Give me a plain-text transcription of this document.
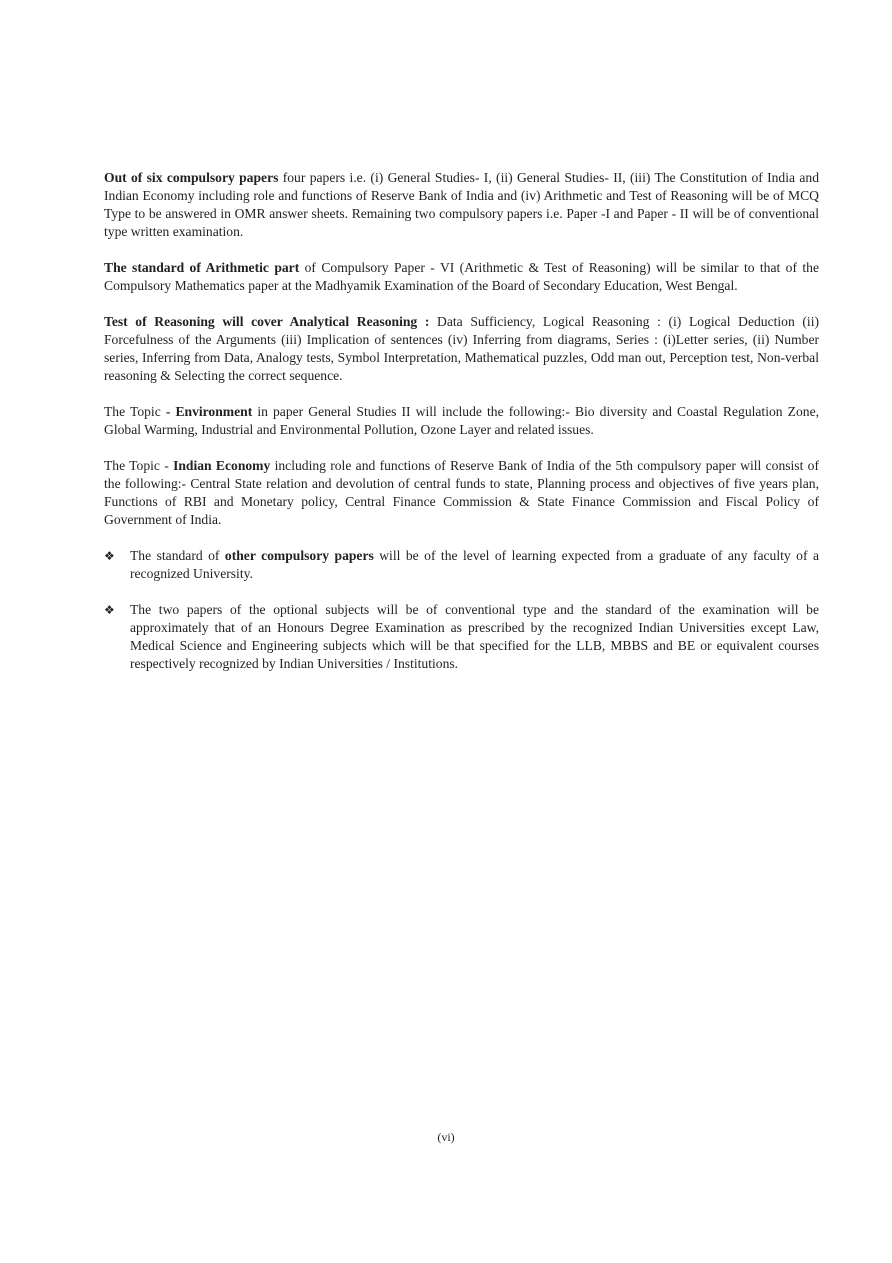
Out of six compulsory papers four papers i.e. (i) General Studies- I, (ii) General Studies- II, (iii) The Constitution of India and Indian Economy including role and functions of Reserve Bank of India and (iv) Arithmetic and Test of Reasoning will be of MCQ Type to be answered in OMR answer sheets. Remaining two compulsory papers i.e. Paper -I and Paper - II will be of conventional type written examination.

The standard of Arithmetic part of Compulsory Paper - VI (Arithmetic & Test of Reasoning) will be similar to that of the Compulsory Mathematics paper at the Madhyamik Examination of the Board of Secondary Education, West Bengal.

Test of Reasoning will cover Analytical Reasoning : Data Sufficiency, Logical Reasoning : (i) Logical Deduction (ii) Forcefulness of the Arguments (iii) Implication of sentences (iv) Inferring from diagrams, Series : (i)Letter series, (ii) Number series, Inferring from Data, Analogy tests, Symbol Interpretation, Mathematical puzzles, Odd man out, Perception test, Non-verbal reasoning & Selecting the correct sequence.

The Topic - Environment in paper General Studies II will include the following:- Bio diversity and Coastal Regulation Zone, Global Warming, Industrial and Environmental Pollution, Ozone Layer and related issues.

The Topic - Indian Economy including role and functions of Reserve Bank of India of the 5th compulsory paper will consist of the following:- Central State relation and devolution of central funds to state, Planning process and objectives of five years plan, Functions of RBI and Monetary policy, Central Finance Commission & State Finance Commission and Fiscal Policy of Government of India.

❖ The standard of other compulsory papers will be of the level of learning expected from a graduate of any faculty of a recognized University.
❖ The two papers of the optional subjects will be of conventional type and the standard of the examination will be approximately that of an Honours Degree Examination as prescribed by the recognized Indian Universities except Law, Medical Science and Engineering subjects which will be that specified for the LLB, MBBS and BE or equivalent courses respectively recognized by Indian Universities / Institutions.
(vi)
